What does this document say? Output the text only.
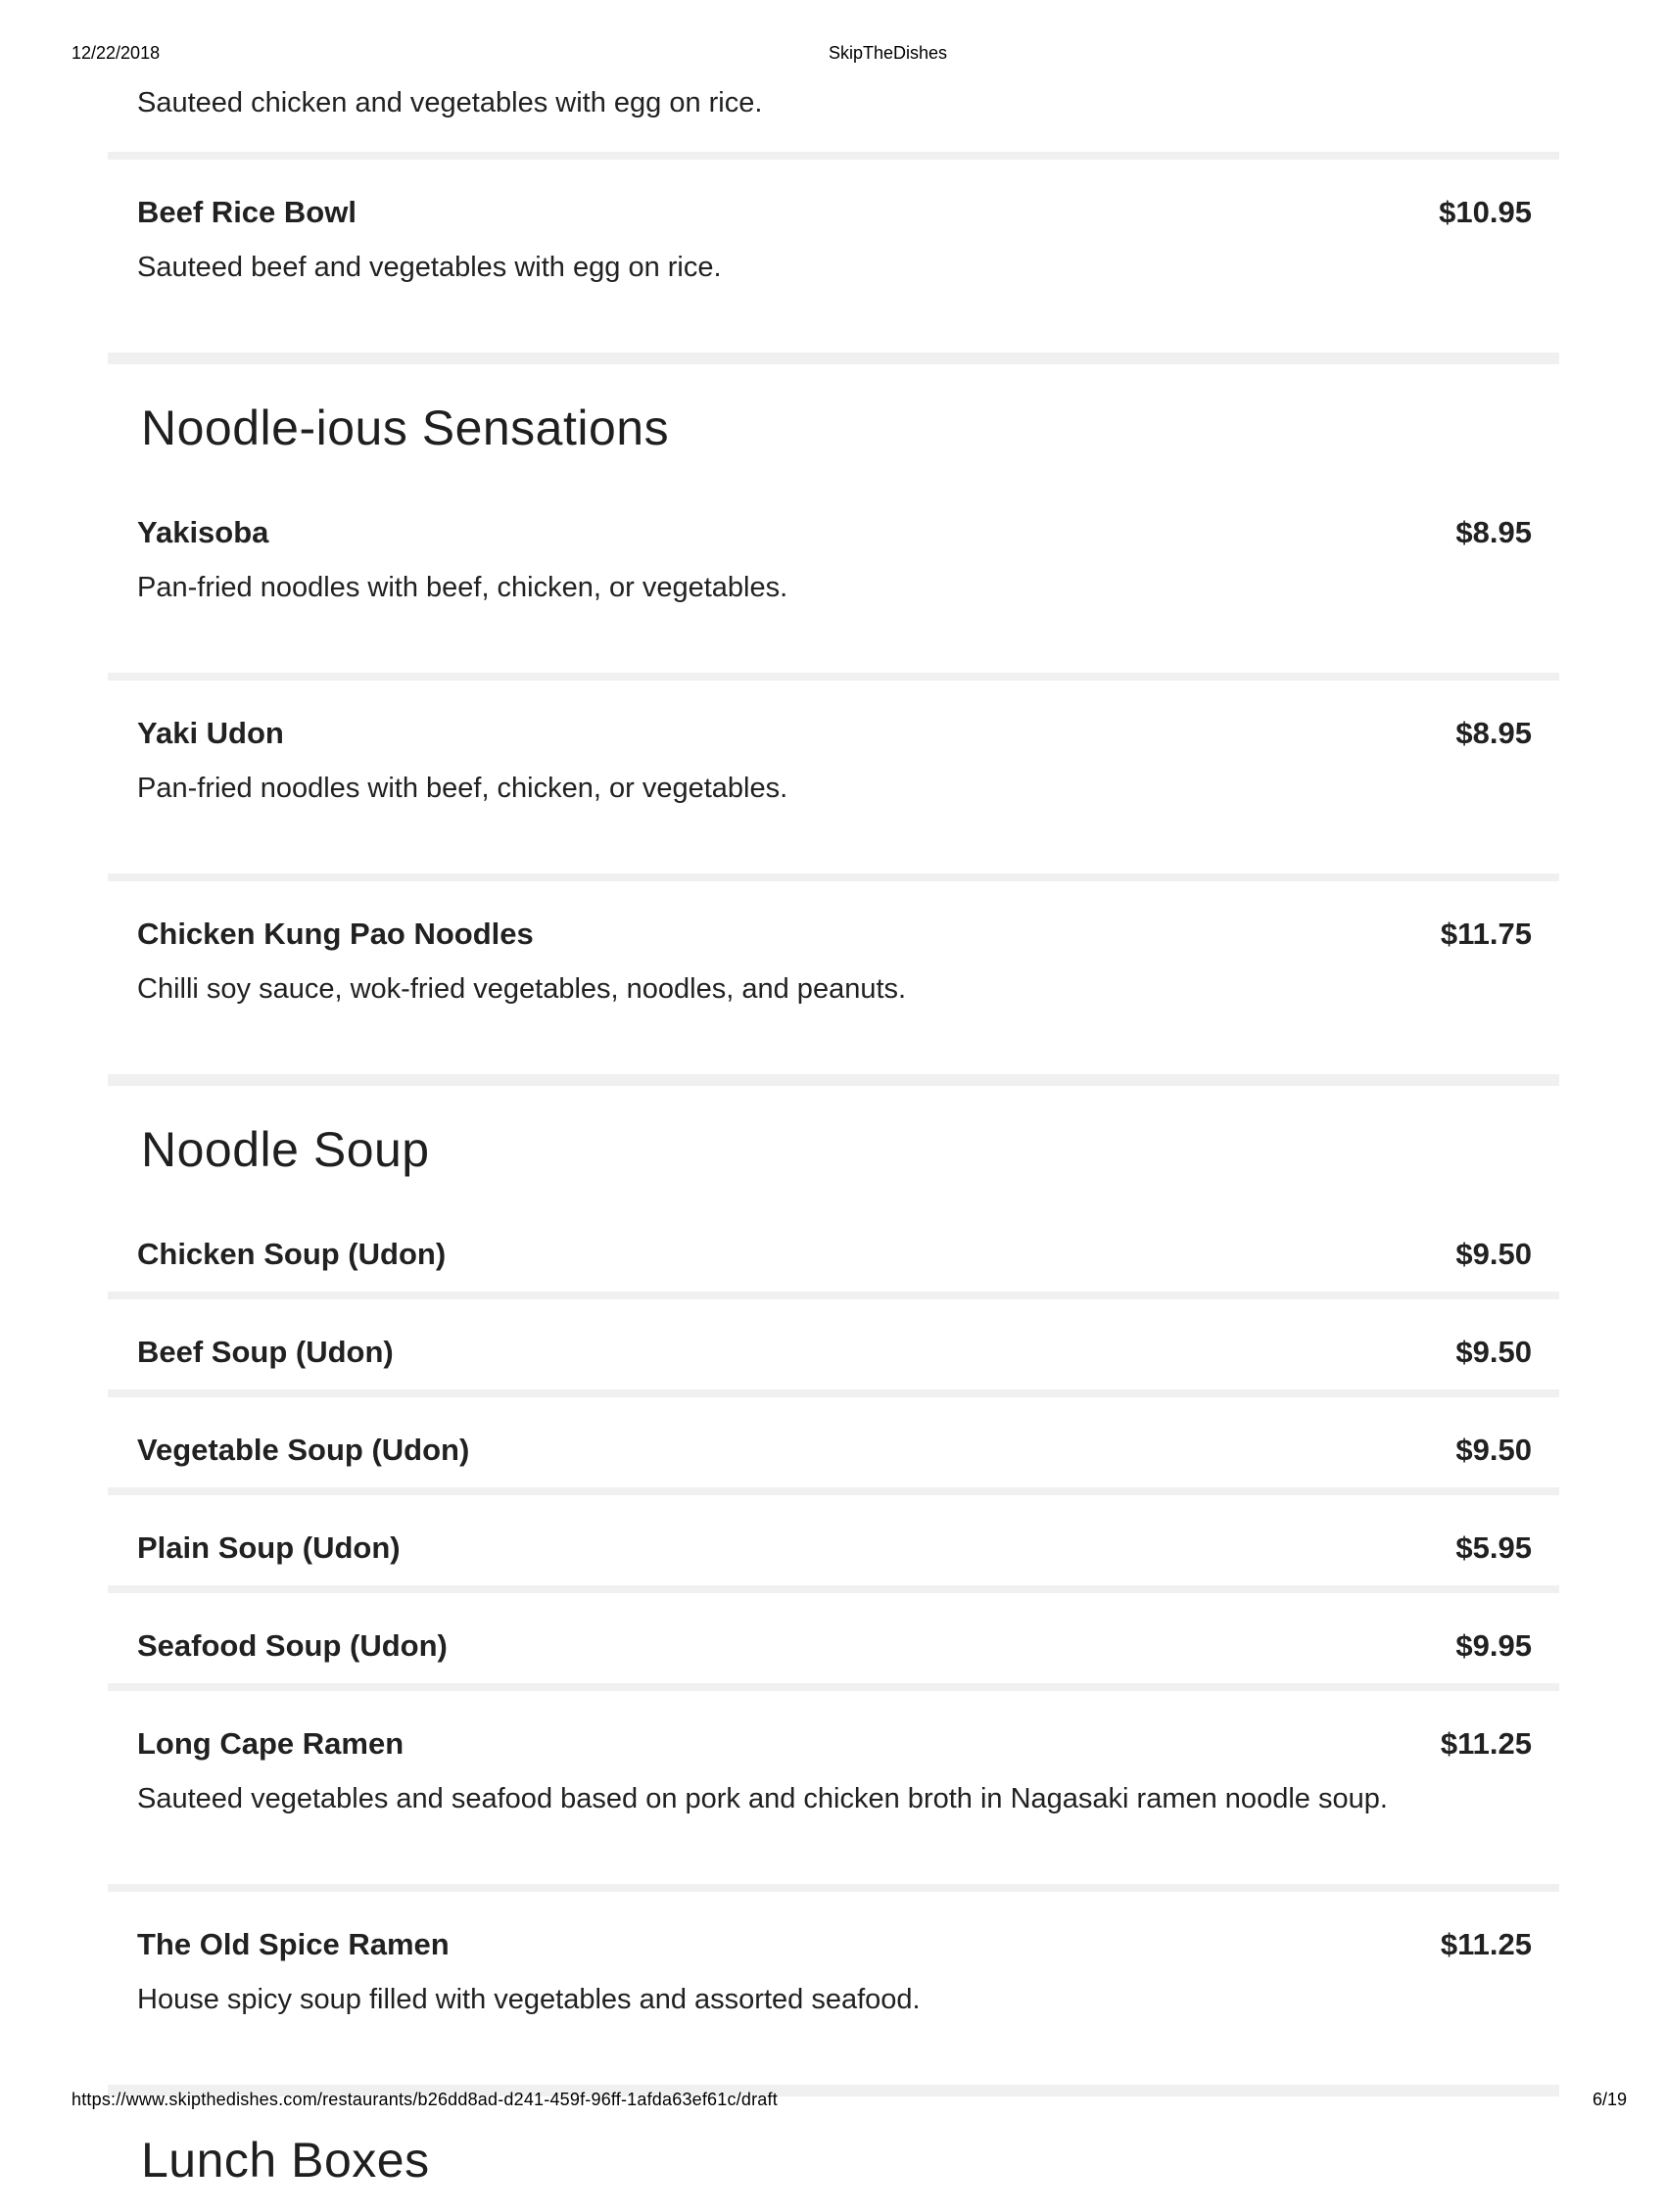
12/22/2018	SkipTheDishes

Sauteed chicken and vegetables with egg on rice.

Beef Rice Bowl	$10.95

Sauteed beef and vegetables with egg on rice.

Noodle-ious Sensations
Yakisoba	$8.95

Pan-fried noodles with beef, chicken, or vegetables.

Yaki Udon	$8.95

Pan-fried noodles with beef, chicken, or vegetables.

Chicken Kung Pao Noodles	$11.75

Chilli soy sauce, wok-fried vegetables, noodles, and peanuts.

Noodle Soup
Chicken Soup (Udon)	$9.50
Beef Soup (Udon)	$9.50
Vegetable Soup (Udon)	$9.50
Plain Soup (Udon)	$5.95
Seafood Soup (Udon)	$9.95
Long Cape Ramen	$11.25

Sauteed vegetables and seafood based on pork and chicken broth in Nagasaki ramen noodle soup.

The Old Spice Ramen	$11.25

House spicy soup filled with vegetables and assorted seafood.

Lunch Boxes
https://www.skipthedishes.com/restaurants/b26dd8ad-d241-459f-96ff-1afda63ef61c/draft	6/19
